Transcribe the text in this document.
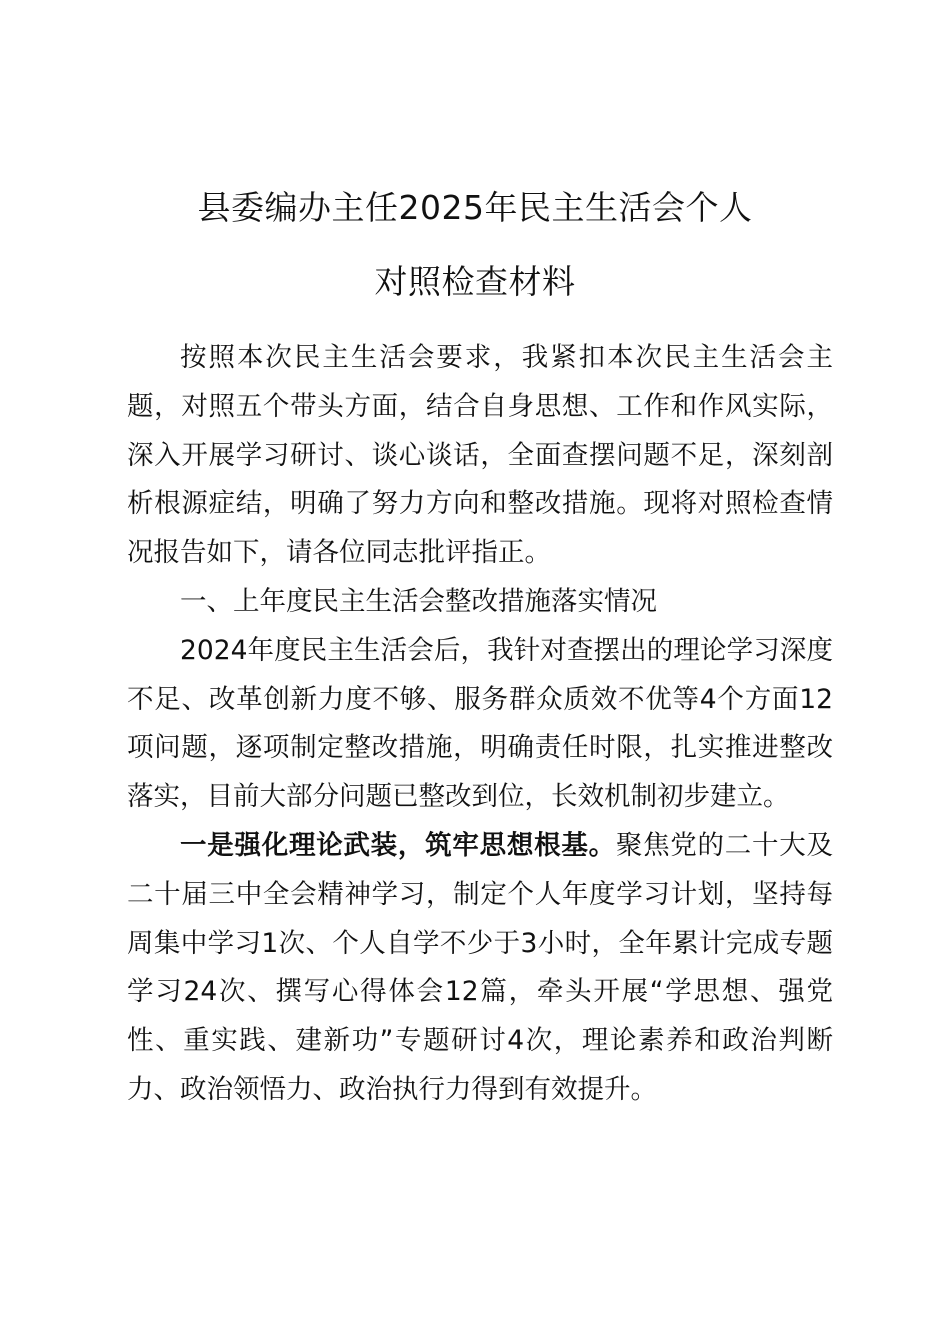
县委编办主任2025年民主生活会个人
对照检查材料

按照本次民主生活会要求，我紧扣本次民主生活会主题，对照五个带头方面，结合自身思想、工作和作风实际，深入开展学习研讨、谈心谈话，全面查摆问题不足，深刻剖析根源症结，明确了努力方向和整改措施。现将对照检查情况报告如下，请各位同志批评指正。

一、上年度民主生活会整改措施落实情况

2024年度民主生活会后，我针对查摆出的理论学习深度不足、改革创新力度不够、服务群众质效不优等4个方面12项问题，逐项制定整改措施，明确责任时限，扎实推进整改落实，目前大部分问题已整改到位，长效机制初步建立。

一是强化理论武装，筑牢思想根基。聚焦党的二十大及二十届三中全会精神学习，制定个人年度学习计划，坚持每周集中学习1次、个人自学不少于3小时，全年累计完成专题学习24次、撰写心得体会12篇，牵头开展“学思想、强党性、重实践、建新功”专题研讨4次，理论素养和政治判断力、政治领悟力、政治执行力得到有效提升。
